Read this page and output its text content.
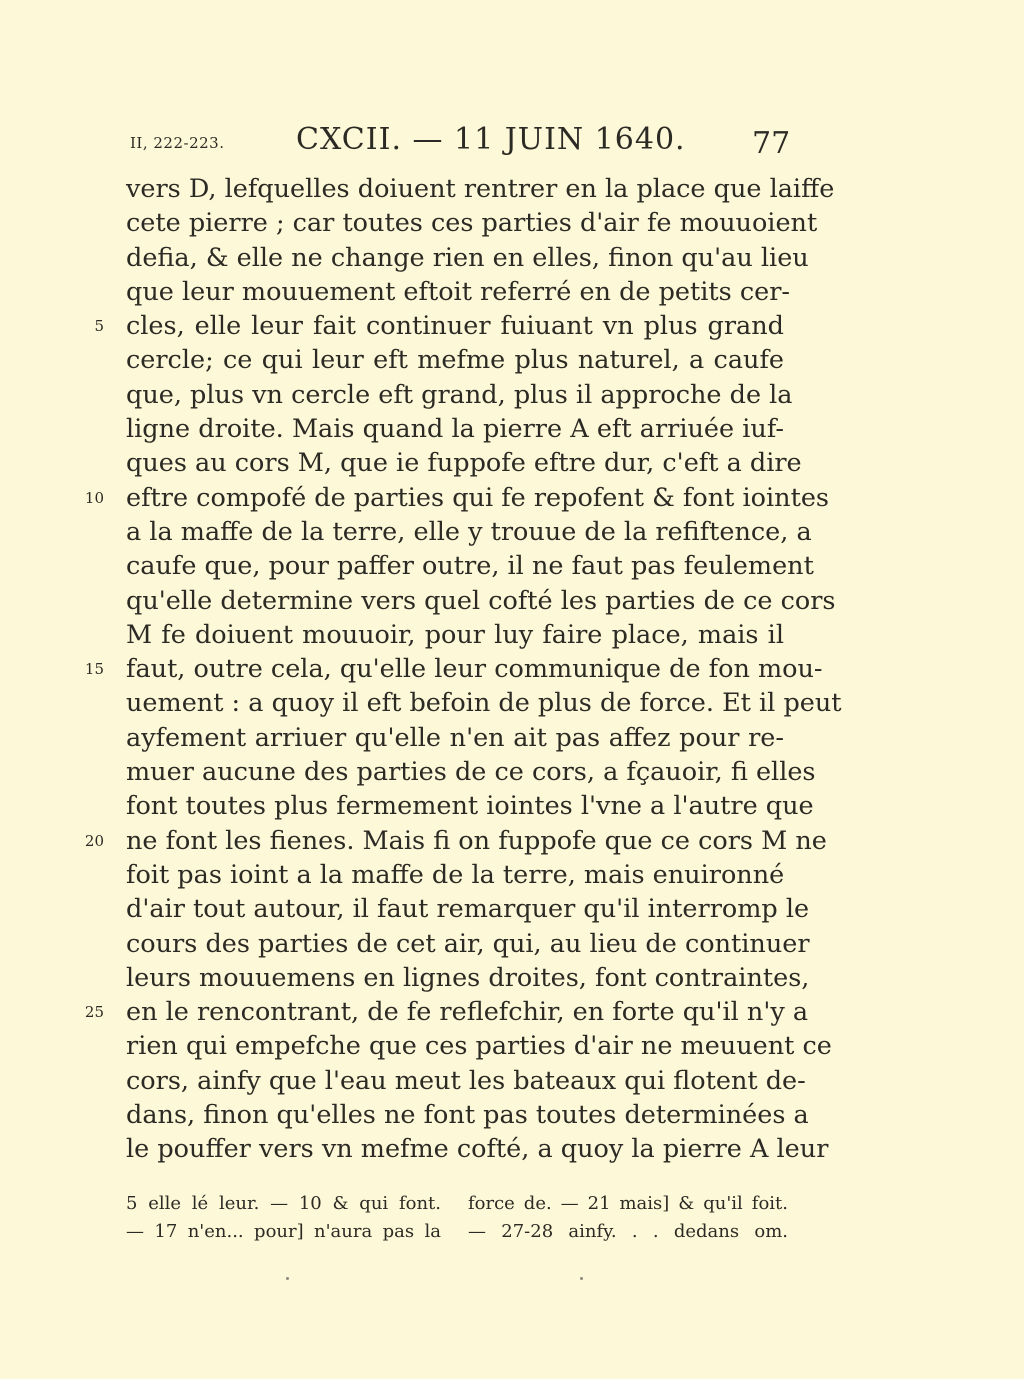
II, 222-223. CXCII. — 11 JUIN 1640. 77
vers D, lefquelles doiuent rentrer en la place que laiffe
cete pierre ; car toutes ces parties d'air fe mouuoient
defia, & elle ne change rien en elles, finon qu'au lieu
que leur mouuement eftoit referré en de petits cer-
5 cles, elle leur fait continuer fuiuant vn plus grand
cercle; ce qui leur eft mefme plus naturel, a caufe
que, plus vn cercle eft grand, plus il approche de la
ligne droite. Mais quand la pierre A eft arriuée iuf-
ques au cors M, que ie fuppofe eftre dur, c'eft a dire
10 eftre compofé de parties qui fe repofent & font iointes
a la maffe de la terre, elle y trouue de la refiftence, a
caufe que, pour paffer outre, il ne faut pas feulement
qu'elle determine vers quel cofté les parties de ce cors
M fe doiuent mouuoir, pour luy faire place, mais il
15 faut, outre cela, qu'elle leur communique de fon mou-
uement : a quoy il eft befoin de plus de force. Et il peut
ayfement arriuer qu'elle n'en ait pas affez pour re-
muer aucune des parties de ce cors, a fçauoir, fi elles
font toutes plus fermement iointes l'vne a l'autre que
20 ne font les fienes. Mais fi on fuppofe que ce cors M ne
foit pas ioint a la maffe de la terre, mais enuironné
d'air tout autour, il faut remarquer qu'il interromp le
cours des parties de cet air, qui, au lieu de continuer
leurs mouuemens en lignes droites, font contraintes,
25 en le rencontrant, de fe reflefchir, en forte qu'il n'y a
rien qui empefche que ces parties d'air ne meuuent ce
cors, ainfy que l'eau meut les bateaux qui flotent de-
dans, finon qu'elles ne font pas toutes determinées a
le pouffer vers vn mefme cofté, a quoy la pierre A leur
5 elle lé leur. — 10 & qui font.
— 17 n'en... pour] n'aura pas la
force de. — 21 mais] & qu'il foit.
— 27-28 ainfy. . . dedans om.
